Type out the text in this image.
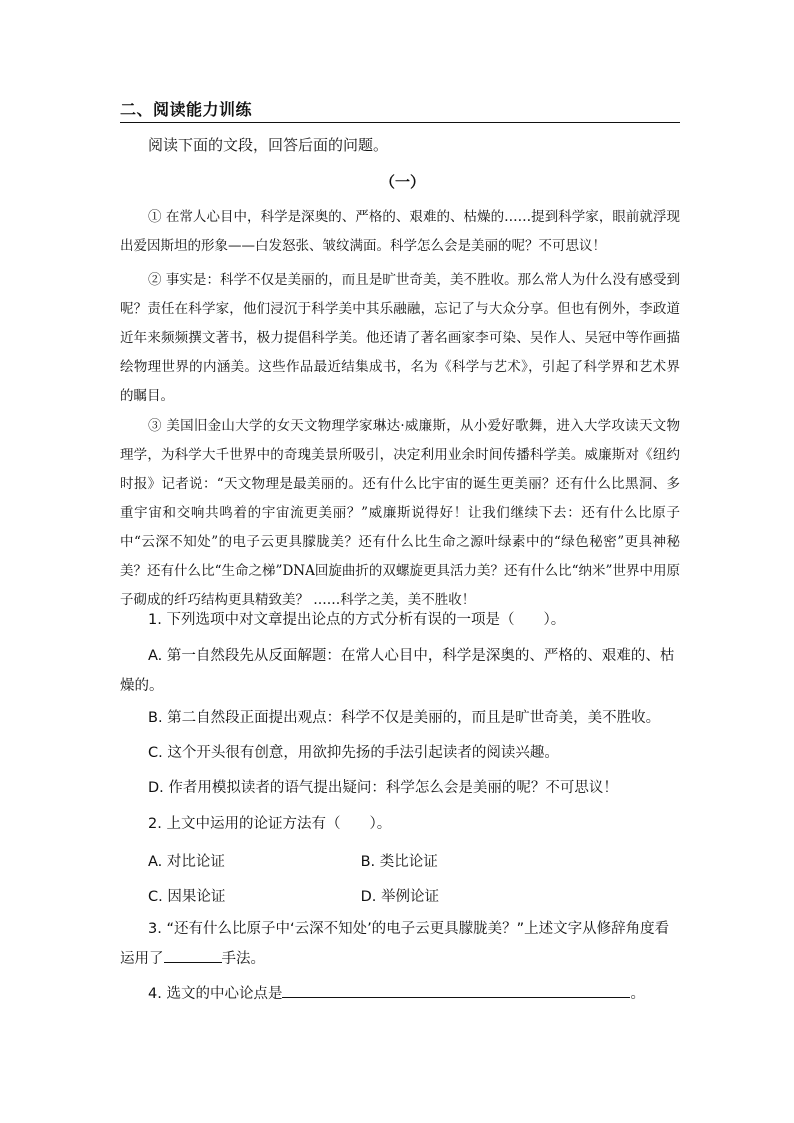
二、阅读能力训练
阅读下面的文段，回答后面的问题。
（一）

① 在常人心目中，科学是深奥的、严格的、艰难的、枯燥的……提到科学家，眼前就浮现出爱因斯坦的形象——白发怒张、皱纹满面。科学怎么会是美丽的呢？不可思议！

② 事实是：科学不仅是美丽的，而且是旷世奇美，美不胜收。那么常人为什么没有感受到呢？责任在科学家，他们浸沉于科学美中其乐融融，忘记了与大众分享。但也有例外，李政道近年来频频撰文著书，极力提倡科学美。他还请了著名画家李可染、吴作人、吴冠中等作画描绘物理世界的内涵美。这些作品最近结集成书，名为《科学与艺术》，引起了科学界和艺术界的瞩目。

③ 美国旧金山大学的女天文物理学家琳达·威廉斯，从小爱好歌舞，进入大学攻读天文物理学，为科学大千世界中的奇瑰美景所吸引，决定利用业余时间传播科学美。威廉斯对《纽约时报》记者说：“天文物理是最美丽的。还有什么比宇宙的诞生更美丽？还有什么比黑洞、多重宇宙和交响共鸣着的宇宙流更美丽？”威廉斯说得好！让我们继续下去：还有什么比原子中“云深不知处”的电子云更具朦胧美？还有什么比生命之源叶绿素中的“绿色秘密”更具神秘美？还有什么比“生命之梯”DNA回旋曲折的双螺旋更具活力美？还有什么比“纳米”世界中用原子砌成的纤巧结构更具精致美？ ……科学之美，美不胜收！

1. 下列选项中对文章提出论点的方式分析有误的一项是（　　）。

A. 第一自然段先从反面解题：在常人心目中，科学是深奥的、严格的、艰难的、枯燥的。

B. 第二自然段正面提出观点：科学不仅是美丽的，而且是旷世奇美，美不胜收。

C. 这个开头很有创意，用欲抑先扬的手法引起读者的阅读兴趣。

D. 作者用模拟读者的语气提出疑问：科学怎么会是美丽的呢？不可思议！

2. 上文中运用的论证方法有（　　）。

A. 对比论证	B. 类比论证
C. 因果论证	D. 举例论证

3. “还有什么比原子中‘云深不知处’的电子云更具朦胧美？”上述文字从修辞角度看运用了	手法。

4. 选文的中心论点是	。
